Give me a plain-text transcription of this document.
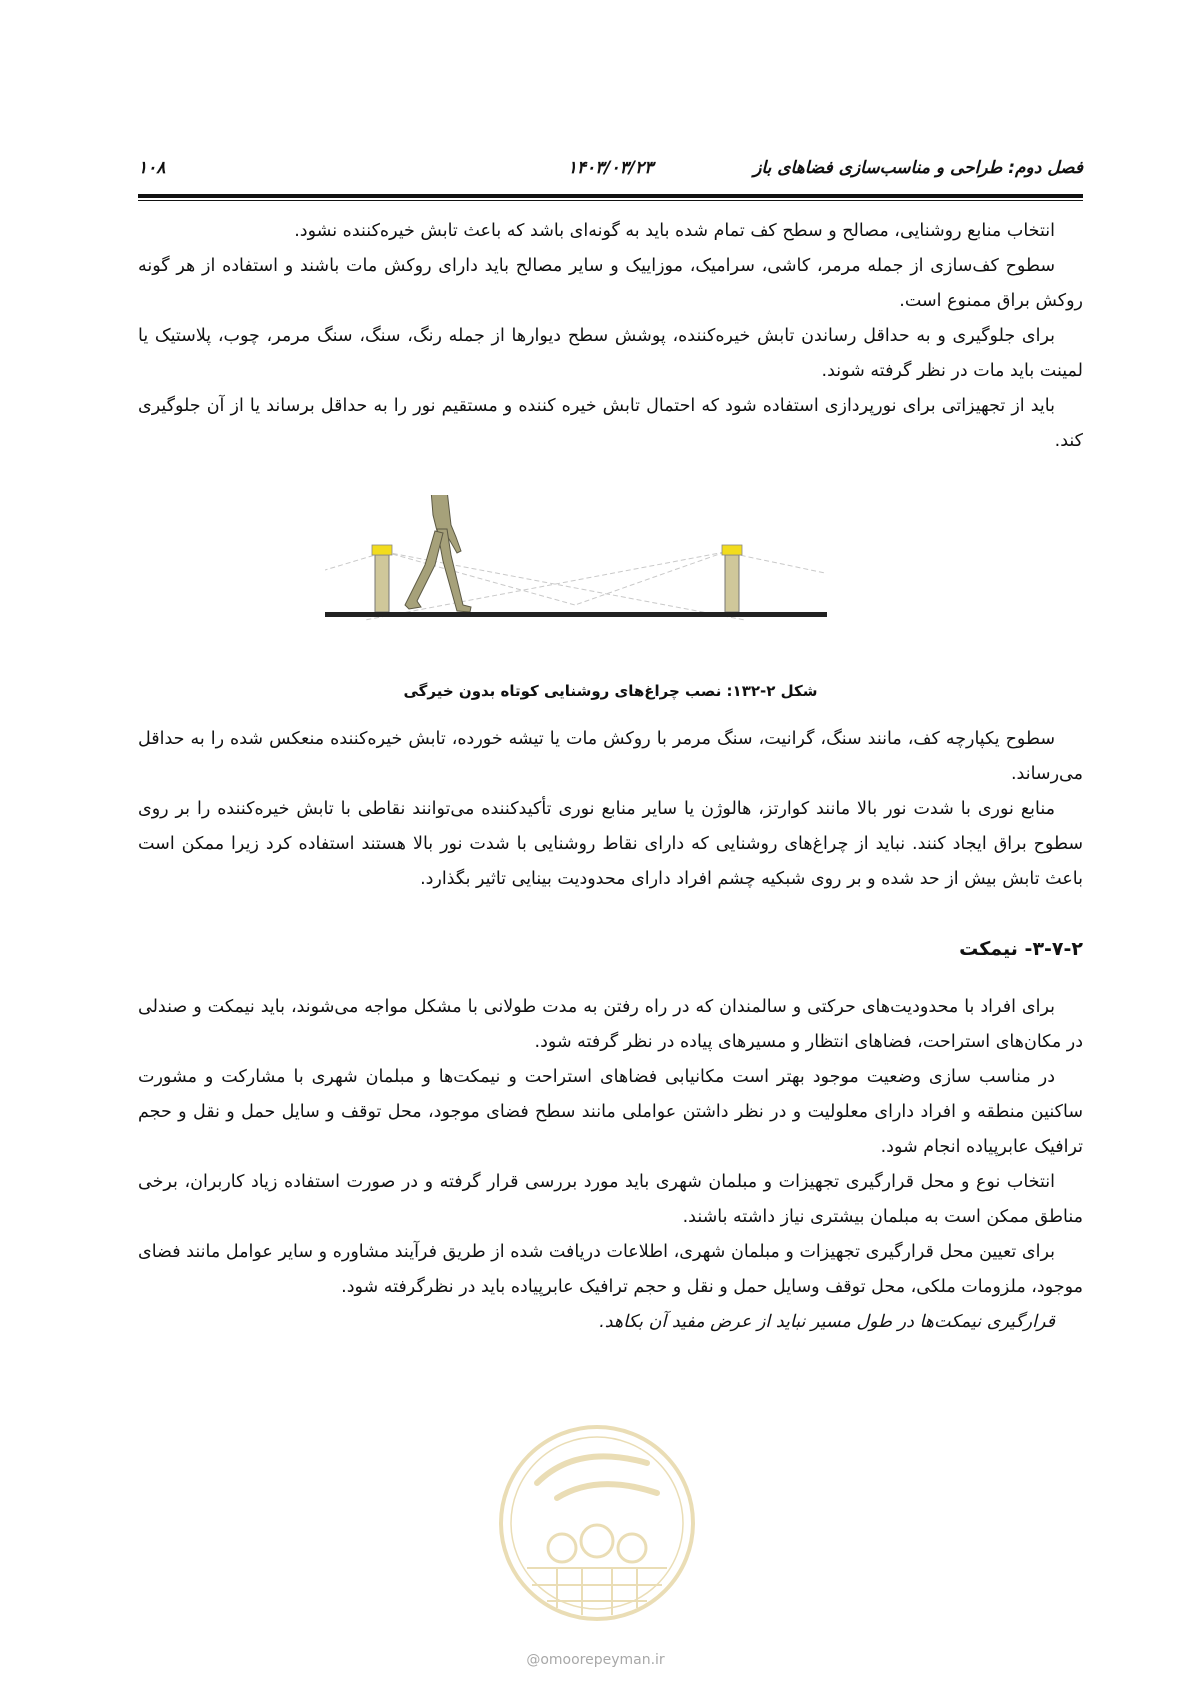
فصل دوم: طراحی و مناسب‌سازی فضاهای باز
۱۴۰۳/۰۳/۲۳
۱۰۸

انتخاب منابع روشنایی، مصالح و سطح کف تمام شده باید به گونه‌ای باشد که باعث تابش خیره‌کننده نشود.

سطوح کف‌سازی از جمله مرمر، کاشی، سرامیک، موزاییک و سایر مصالح باید دارای روکش مات باشند و استفاده از هر گونه روکش براق ممنوع است.

برای جلوگیری و به حداقل رساندن تابش خیره‌کننده، پوشش سطح دیوارها از جمله رنگ، سنگ، سنگ مرمر، چوب، پلاستیک یا لمینت باید مات در نظر گرفته شوند.

باید از تجهیزاتی برای نورپردازی استفاده شود که احتمال تابش خیره کننده و مستقیم نور را به حداقل برساند یا از آن جلوگیری کند.

شکل ۲-۱۳۲: نصب چراغ‌های روشنایی کوتاه بدون خیرگی

سطوح یکپارچه کف، مانند سنگ، گرانیت، سنگ مرمر با روکش مات یا تیشه خورده، تابش خیره‌کننده منعکس شده را به حداقل می‌رساند.

منابع نوری با شدت نور بالا مانند کوارتز، هالوژن یا سایر منابع نوری تأکیدکننده می‌توانند نقاطی با تابش خیره‌کننده را بر روی سطوح براق ایجاد کنند. نباید از چراغ‌های روشنایی که دارای نقاط روشنایی با شدت نور بالا هستند استفاده کرد زیرا ممکن است باعث تابش بیش از حد شده و بر روی شبکیه چشم افراد دارای محدودیت بینایی تاثیر بگذارد.

۳-۷-۲- نیمکت

برای افراد با محدودیت‌های حرکتی و سالمندان که در راه رفتن به مدت طولانی با مشکل مواجه می‌شوند، باید نیمکت و صندلی در مکان‌های استراحت، فضاهای انتظار و مسیرهای پیاده در نظر گرفته شود.

در مناسب سازی وضعیت موجود بهتر است مکانیابی فضاهای استراحت و نیمکت‌ها و مبلمان شهری با مشارکت و مشورت ساکنین منطقه و افراد دارای معلولیت و در نظر داشتن عواملی مانند سطح فضای موجود، محل توقف و سایل حمل و نقل و حجم ترافیک عابرپیاده انجام شود.

انتخاب نوع و محل قرارگیری تجهیزات و مبلمان شهری باید مورد بررسی قرار گرفته و در صورت استفاده زیاد کاربران، برخی مناطق ممکن است به مبلمان بیشتری نیاز داشته باشند.

برای تعیین محل قرارگیری تجهیزات و مبلمان شهری، اطلاعات دریافت شده از طریق فرآیند مشاوره و سایر عوامل مانند فضای موجود، ملزومات ملکی، محل توقف وسایل حمل و نقل و حجم ترافیک عابرپیاده باید در نظرگرفته شود.

قرارگیری نیمکت‌ها در طول مسیر نباید از عرض مفید آن بکاهد.

@omoorepeyman.ir
